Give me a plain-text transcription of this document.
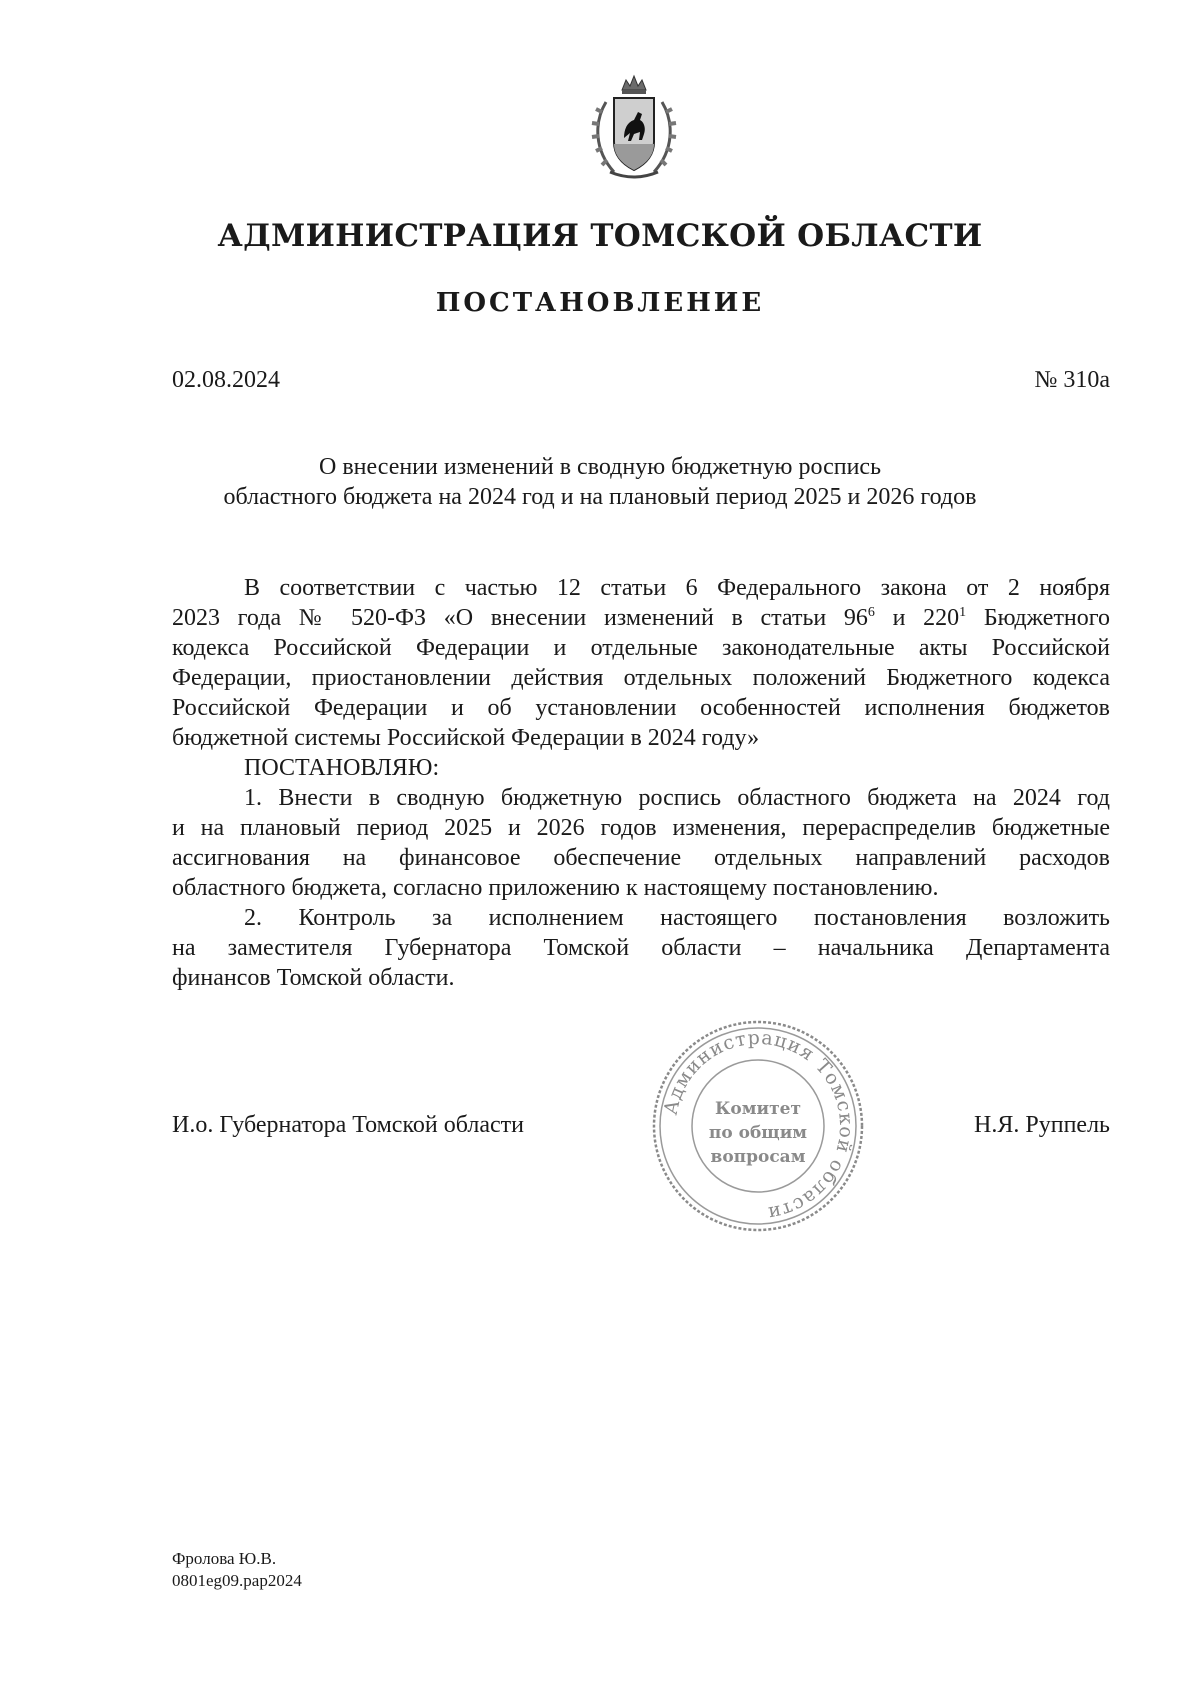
АДМИНИСТРАЦИЯ ТОМСКОЙ ОБЛАСТИ
ПОСТАНОВЛЕНИЕ
02.08.2024	№ 310а
О внесении изменений в сводную бюджетную роспись
областного бюджета на 2024 год и на плановый период 2025 и 2026 годов
В соответствии с частью 12 статьи 6 Федерального закона от 2 ноября
2023 года № 520-ФЗ «О внесении изменений в статьи $96^6$ и $220^1$ Бюджетного
кодекса Российской Федерации и отдельные законодательные акты Российской
Федерации, приостановлении действия отдельных положений Бюджетного кодекса
Российской Федерации и об установлении особенностей исполнения бюджетов
бюджетной системы Российской Федерации в 2024 году»
ПОСТАНОВЛЯЮ:
1. Внести в сводную бюджетную роспись областного бюджета на 2024 год
и на плановый период 2025 и 2026 годов изменения, перераспределив бюджетные
ассигнования на финансовое обеспечение отдельных направлений расходов
областного бюджета, согласно приложению к настоящему постановлению.
2. Контроль за исполнением настоящего постановления возложить
на заместителя Губернатора Томской области – начальника Департамента
финансов Томской области.
И.о. Губернатора Томской области	Н.Я. Руппель
Администрация Томской области
Комитет
по общим
вопросам
Фролова Ю.В.
0801eg09.pap2024
